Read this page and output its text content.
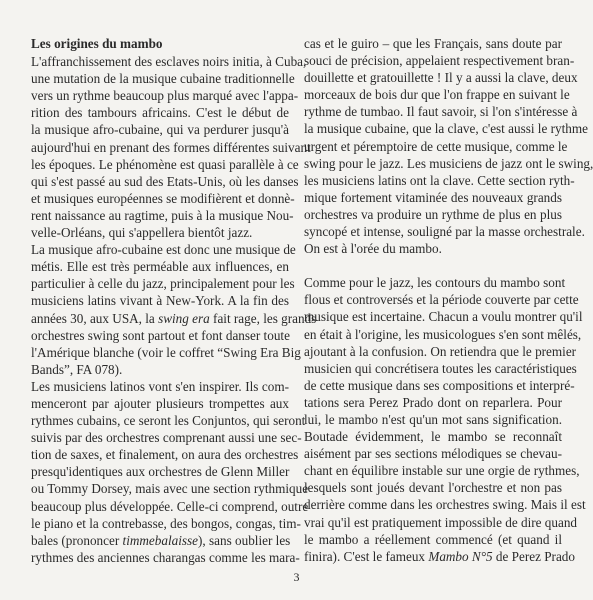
Les origines du mambo

L'affranchissement des esclaves noirs initia, à Cuba,
une mutation de la musique cubaine traditionnelle
vers un rythme beaucoup plus marqué avec l'appa-
rition des tambours africains. C'est le début de
la musique afro-cubaine, qui va perdurer jusqu'à
aujourd'hui en prenant des formes différentes suivant
les époques. Le phénomène est quasi parallèle à ce
qui s'est passé au sud des Etats-Unis, où les danses
et musiques européennes se modifièrent et donnè-
rent naissance au ragtime, puis à la musique Nou-
velle-Orléans, qui s'appellera bientôt jazz.

La musique afro-cubaine est donc une musique de
métis. Elle est très perméable aux influences, en
particulier à celle du jazz, principalement pour les
musiciens latins vivant à New-York. A la fin des
années 30, aux USA, la swing era fait rage, les grands
orchestres swing sont partout et font danser toute
l'Amérique blanche (voir le coffret “Swing Era Big
Bands”, FA 078).

Les musiciens latinos vont s'en inspirer. Ils com-
menceront par ajouter plusieurs trompettes aux
rythmes cubains, ce seront les Conjuntos, qui seront
suivis par des orchestres comprenant aussi une sec-
tion de saxes, et finalement, on aura des orchestres
presqu'identiques aux orchestres de Glenn Miller
ou Tommy Dorsey, mais avec une section rythmique
beaucoup plus développée. Celle-ci comprend, outre
le piano et la contrebasse, des bongos, congas, tim-
bales (prononcer timmebalaisse), sans oublier les
rythmes des anciennes charangas comme les mara-

cas et le guiro – que les Français, sans doute par
souci de précision, appelaient respectivement bran-
douillette et gratouillette ! Il y a aussi la clave, deux
morceaux de bois dur que l'on frappe en suivant le
rythme de tumbao. Il faut savoir, si l'on s'intéresse à
la musique cubaine, que la clave, c'est aussi le rythme
urgent et péremptoire de cette musique, comme le
swing pour le jazz. Les musiciens de jazz ont le swing,
les musiciens latins ont la clave. Cette section ryth-
mique fortement vitaminée des nouveaux grands
orchestres va produire un rythme de plus en plus
syncopé et intense, souligné par la masse orchestrale.
On est à l'orée du mambo.

Comme pour le jazz, les contours du mambo sont
flous et controversés et la période couverte par cette
musique est incertaine. Chacun a voulu montrer qu'il
en était à l'origine, les musicologues s'en sont mêlés,
ajoutant à la confusion. On retiendra que le premier
musicien qui concrétisera toutes les caractéristiques
de cette musique dans ses compositions et interpré-
tations sera Perez Prado dont on reparlera. Pour
lui, le mambo n'est qu'un mot sans signification.
Boutade évidemment, le mambo se reconnaît
aisément par ses sections mélodiques se chevau-
chant en équilibre instable sur une orgie de rythmes,
lesquels sont joués devant l'orchestre et non pas
derrière comme dans les orchestres swing. Mais il est
vrai qu'il est pratiquement impossible de dire quand
le mambo a réellement commencé (et quand il
finira). C'est le fameux Mambo N°5 de Perez Prado

3
